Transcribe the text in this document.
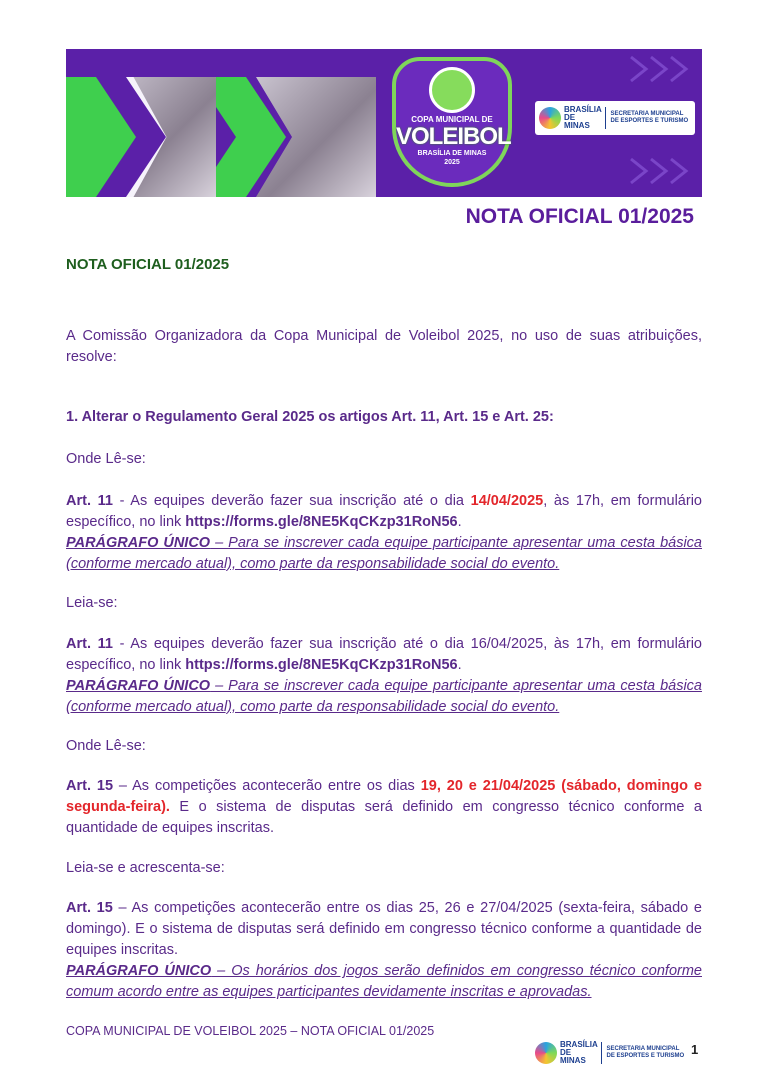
COPA MUNICIPAL DE
VOLEIBOL
BRASÍLIA DE MINAS
2025
BRASÍLIA DE MINAS
SECRETARIA MUNICIPAL DE ESPORTES E TURISMO
NOTA OFICIAL 01/2025
NOTA OFICIAL 01/2025
A Comissão Organizadora da Copa Municipal de Voleibol 2025, no uso de suas atribuições, resolve:
1. Alterar o Regulamento Geral 2025 os artigos Art. 11, Art. 15 e Art. 25:
Onde Lê-se:
Art. 11 - As equipes deverão fazer sua inscrição até o dia 14/04/2025, às 17h, em formulário específico, no link https://forms.gle/8NE5KqCKzp31RoN56.
PARÁGRAFO ÚNICO – Para se inscrever cada equipe participante apresentar uma cesta básica (conforme mercado atual), como parte da responsabilidade social do evento.
Leia-se:
Art. 11 - As equipes deverão fazer sua inscrição até o dia 16/04/2025, às 17h, em formulário específico, no link https://forms.gle/8NE5KqCKzp31RoN56.
PARÁGRAFO ÚNICO – Para se inscrever cada equipe participante apresentar uma cesta básica (conforme mercado atual), como parte da responsabilidade social do evento.
Onde Lê-se:
Art. 15 – As competições acontecerão entre os dias 19, 20 e 21/04/2025 (sábado, domingo e segunda-feira). E o sistema de disputas será definido em congresso técnico conforme a quantidade de equipes inscritas.
Leia-se e acrescenta-se:
Art. 15 – As competições acontecerão entre os dias 25, 26 e 27/04/2025 (sexta-feira, sábado e domingo). E o sistema de disputas será definido em congresso técnico conforme a quantidade de equipes inscritas.
PARÁGRAFO ÚNICO – Os horários dos jogos serão definidos em congresso técnico conforme comum acordo entre as equipes participantes devidamente inscritas e aprovadas.
COPA MUNICIPAL DE VOLEIBOL 2025 – NOTA OFICIAL 01/2025
BRASÍLIA DE MINAS
SECRETARIA MUNICIPAL DE ESPORTES E TURISMO 1
